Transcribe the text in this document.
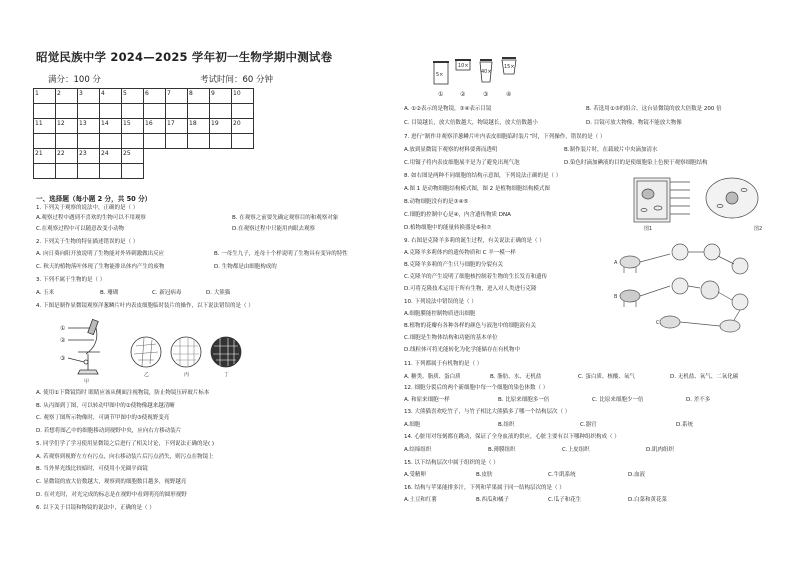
昭觉民族中学 2024—2025 学年初一生物学期中测试卷
满分：100 分	考试时间：60 分钟
1	2	3	4	5	6	7	8	9	10

11	12	13	14	15	16	17	18	19	20

21	22	23	24	25					

一、选择题（每小题 2 分，共 50 分）
1. 下列关于观察的说法中，正确的是（ ）
A.观察过程中遇到不喜欢的生物可以不用观察	B. 在观察之前要先确定观察目的和观察对象
C.在观察过程中可以随意改变小动物	D.在观察过程中只能用肉眼去观察
2. 下列关于生物的特征描述错误的是（ ）
A. 向日葵向阳开放说明了生物能对外界刺激做出反应	B. 一母生九子，连母十个样说明了生物具有变异的特性
C. 秋天的植物落叶体现了生物能排出体内产生的废物	D. 生物都是由细胞构成的
3. 下列不属于生物的是（ ）
A. 玉米	B. 珊瑚	C. 新冠病毒	D. 大熊猫
4. 下图是制作显微镜观察洋葱鳞片叶内表皮细胞临时装片的操作，以下说法错误的是（ ）
①
②
③
甲
乙	丙	丁
A. 使用①下降镜筒时 眼睛应该从侧面注视物镜，防止物镜压碎玻片标本
B. 从丙图到丁图，可以转动甲图中的②使物像越来越清晰
C. 观察丁图所示物像时，可调节甲图中的③使视野变亮
D. 若想将图乙中的细胞移动到视野中央，应向右方移动装片
5. 同学们学了学习使用显微镜之后进行了相关讨论，下列说法正确的是( )
A. 若观察到视野左方有污点，向右移动装片后污点消失，则污点在物镜上
B. 当外界光线比较暗时，可使用小光圈平面镜
C. 显微镜的放大倍数越大，观察到的细胞数目越多，视野越亮
D. 在对光时，对光完成的标志是在视野中看到明亮的圆形视野
6. 以下关于目镜和物镜的说法中，正确的是（ ）
5×
10×
40×
15×
①	②	③	④
A. ①②表示的是物镜，③④表示目镜	B. 若选用①③的组合，这台显微镜的放大倍数是 200 倍
C. 目镜越长，放大倍数越大，物镜越长，放大倍数越小	D. 目镜可放大物像，物镜不能放大物像
7. 进行“制作并观察洋葱鳞片叶内表皮细胞临时装片”时，下列操作，错误的是（ ）
A.放到显微镜下观察的材料要薄而透明	B.制作装片时，在载玻片中央滴加清水
C.用镊子将内表皮细胞展平是为了避免出现气泡	D.染色时滴加碘液的目的是使细胞染上色便于观察细胞结构
8. 如右图是两种不同细胞的结构示意图，下列说法正确的是（ ）
A.图 1 是动物细胞结构模式图，图 2 是植物细胞结构模式图
B.动物细胞没有的是③④⑤
C.细胞的控制中心是④，内含遗传物质 DNA
D.植物细胞中的能量转换器是⑥和⑦
9. 右图是克隆羊多莉的诞生过程，有关说法正确的是（ ）
A.克隆羊多莉体内的遗传物质和 C 羊一模一样
B.克隆羊多莉的产生只与细胞的分裂有关
C.克隆羊的产生说明了细胞核控制着生物的生长发育和遗传
D.可将克隆技术运用于所有生物，进入对人类进行克隆
10. 下列说法中错误的是（ ）
A.细胞膜能控制物质进出细胞
B.植物的花瓣有各种各样的颜色与液泡中的细胞液有关
C.细胞是生物体结构和功能的基本单位
D.线粒体可将光能转化为化学能储存在有机物中
11. 下列都属于有机物的是（ ）
A. 糖类、脂质、蛋白质	B. 脂肪、水、无机盐	C. 蛋白质、核酸、氧气	D. 无机盐、氧气、二氧化碳
12. 细胞分裂后的两个新细胞中每一个细胞的染色体数（ ）
A. 和原来细胞一样	B. 比原来细胞多一倍	C. 比原来细胞少一倍	D. 差不多
13. 大熊猫喜欢吃竹子，与竹子相比大熊猫多了哪一个结构层次（ ）
A.细胞	B.组织	C.器官	D.系统
14. 心脏用对每刻都在跳动，保证了全身血液的供应，心脏主要有以下哪种组织构成（ ）
A.结缔组织	B.薄膜组织	C.上皮组织	D.肌肉组织
15. 以下结构层次中属于组织的是（ ）
A.受精卵	B.皮肤	C.牛肌系统	D.血液
16. 结构与苹果能排多汁，下列和苹果属于同一结构层次的是（ ）
A.土豆和红薯	B.西瓜和橘子	C.瓜子和花生	D.白菜和黄花菜
图1	图2
A
B
C
